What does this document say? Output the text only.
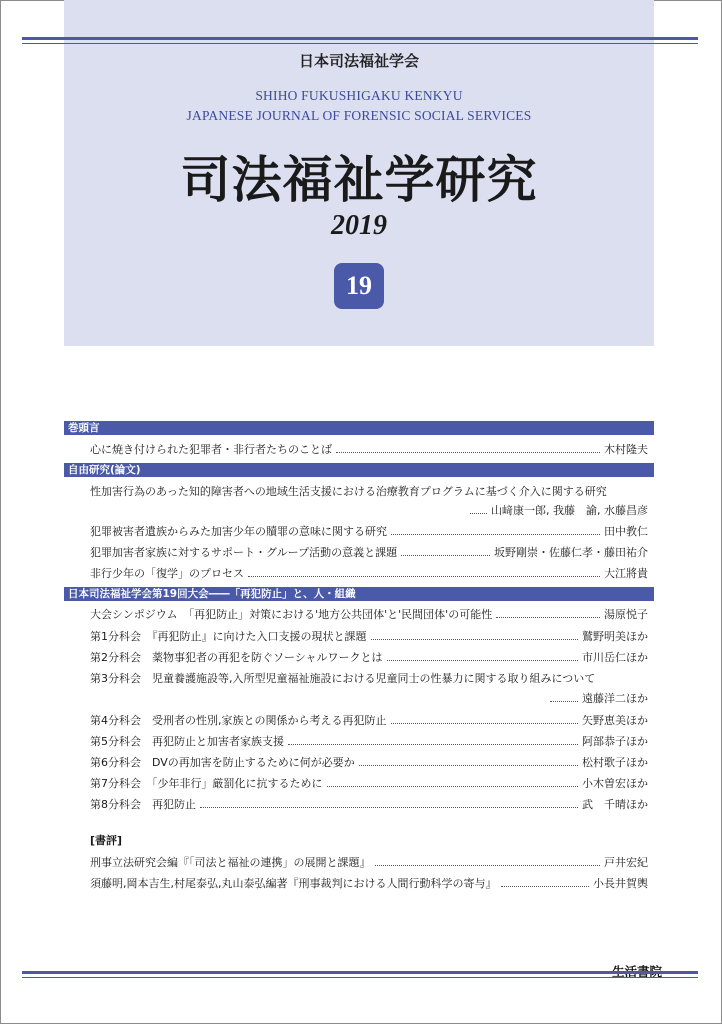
日本司法福祉学会
SHIHO FUKUSHIGAKU KENKYU
JAPANESE JOURNAL OF FORENSIC SOCIAL SERVICES
司法福祉学研究
2019
19
巻頭言
心に焼き付けられた犯罪者・非行者たちのことば	木村隆夫
自由研究(論文)
性加害行為のあった知的障害者への地域生活支援における治療教育プログラムに基づく介入に関する研究
山﨑康一郎, 我藤　諭, 水藤昌彦
犯罪被害者遺族からみた加害少年の贖罪の意味に関する研究	田中教仁
犯罪加害者家族に対するサポート・グループ活動の意義と課題	坂野剛崇・佐藤仁孝・藤田祐介
非行少年の「復学」のプロセス	大江將貴
日本司法福祉学会第19回大会――「再犯防止」と、人・組織
大会シンポジウム　「再犯防止」対策における'地方公共団体'と'民間団体'の可能性	湯原悦子
第1分科会　『再犯防止』に向けた入口支援の現状と課題	鷲野明美ほか
第2分科会　薬物事犯者の再犯を防ぐソーシャルワークとは	市川岳仁ほか
第3分科会　児童養護施設等,入所型児童福祉施設における児童同士の性暴力に関する取り組みについて
遠藤洋二ほか
第4分科会　受刑者の性別,家族との関係から考える再犯防止	矢野恵美ほか
第5分科会　再犯防止と加害者家族支援	阿部恭子ほか
第6分科会　DVの再加害を防止するために何が必要か	松村歌子ほか
第7分科会　「少年非行」厳罰化に抗するために	小木曽宏ほか
第8分科会　再犯防止	武　千晴ほか
[書評]
刑事立法研究会編『「司法と福祉の連携」の展開と課題』	戸井宏紀
須藤明,岡本吉生,村尾泰弘,丸山泰弘編著『刑事裁判における人間行動科学の寄与』	小長井賀輿
